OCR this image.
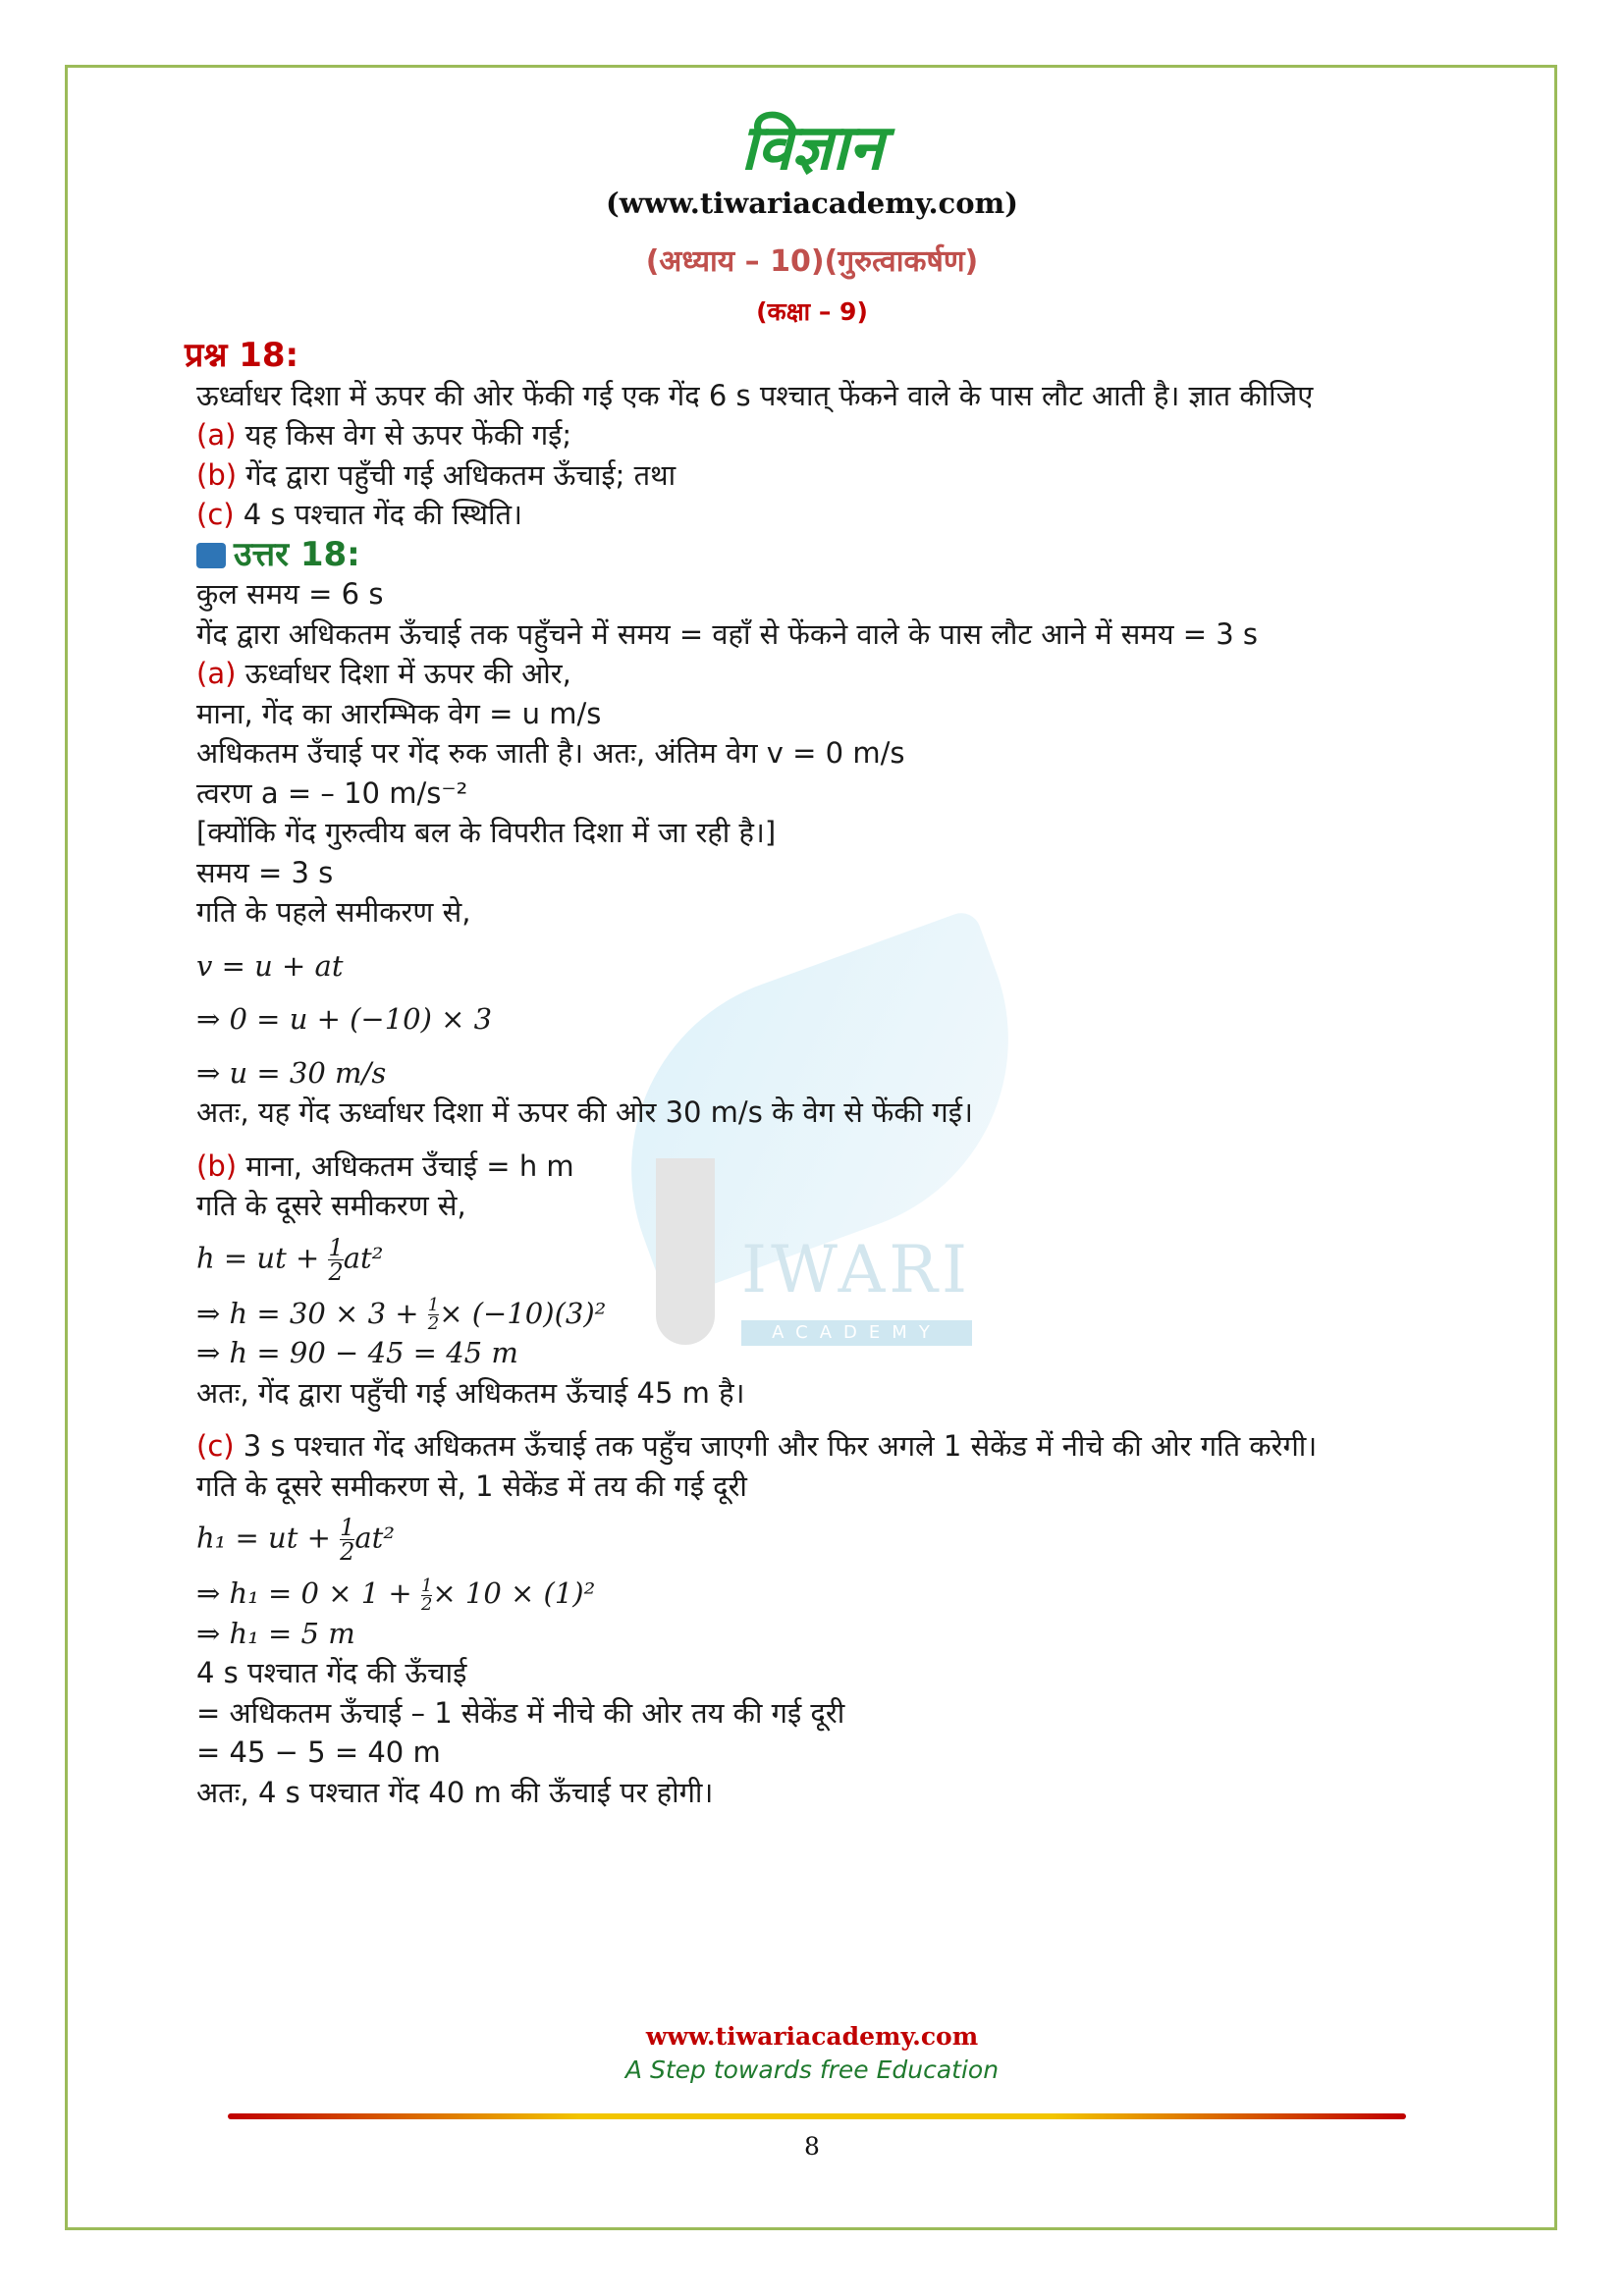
विज्ञान
(www.tiwariacademy.com)
(अध्याय – 10)(गुरुत्वाकर्षण)
(कक्षा – 9)
IWARI
ACADEMY
प्रश्न 18:
ऊर्ध्वाधर दिशा में ऊपर की ओर फेंकी गई एक गेंद 6 s पश्चात् फेंकने वाले के पास लौट आती है। ज्ञात कीजिए
(a) यह किस वेग से ऊपर फेंकी गई;
(b) गेंद द्वारा पहुँची गई अधिकतम ऊँचाई; तथा
(c) 4 s पश्चात गेंद की स्थिति।
उत्तर 18:
कुल समय = 6 s
गेंद द्वारा अधिकतम ऊँचाई तक पहुँचने में समय = वहाँ से फेंकने वाले के पास लौट आने में समय = 3 s
(a) ऊर्ध्वाधर दिशा में ऊपर की ओर,
माना, गेंद का आरम्भिक वेग = u m/s
अधिकतम उँचाई पर गेंद रुक जाती है। अतः, अंतिम वेग v = 0 m/s
त्वरण a = – 10 m/s⁻²
[क्योंकि गेंद गुरुत्वीय बल के विपरीत दिशा में जा रही है।]
समय = 3 s
गति के पहले समीकरण से,
v = u + at
⇒ 0 = u + (−10) × 3
⇒ u = 30 m/s
अतः, यह गेंद ऊर्ध्वाधर दिशा में ऊपर की ओर 30 m/s के वेग से फेंकी गई।
(b) माना, अधिकतम उँचाई = h m
गति के दूसरे समीकरण से,
h = ut + $\frac{1}{2} at^2$
⇒ $h = 30 \times 3 + \frac{1}{2} \times (-10)(3)^2$
⇒ h = 90 − 45 = 45 m
अतः, गेंद द्वारा पहुँची गई अधिकतम ऊँचाई 45 m है।
(c) 3 s पश्चात गेंद अधिकतम ऊँचाई तक पहुँच जाएगी और फिर अगले 1 सेकेंड में नीचे की ओर गति करेगी।
गति के दूसरे समीकरण से, 1 सेकेंड में तय की गई दूरी
h₁ = ut + $\frac{1}{2} at^2$
⇒ $h_1 = 0 \times 1 + \frac{1}{2} \times 10 \times (1)^2$
⇒ h₁ = 5 m
4 s पश्चात गेंद की ऊँचाई
= अधिकतम ऊँचाई – 1 सेकेंड में नीचे की ओर तय की गई दूरी
= 45 − 5 = 40 m
अतः, 4 s पश्चात गेंद 40 m की ऊँचाई पर होगी।
www.tiwariacademy.com
A Step towards free Education
8
